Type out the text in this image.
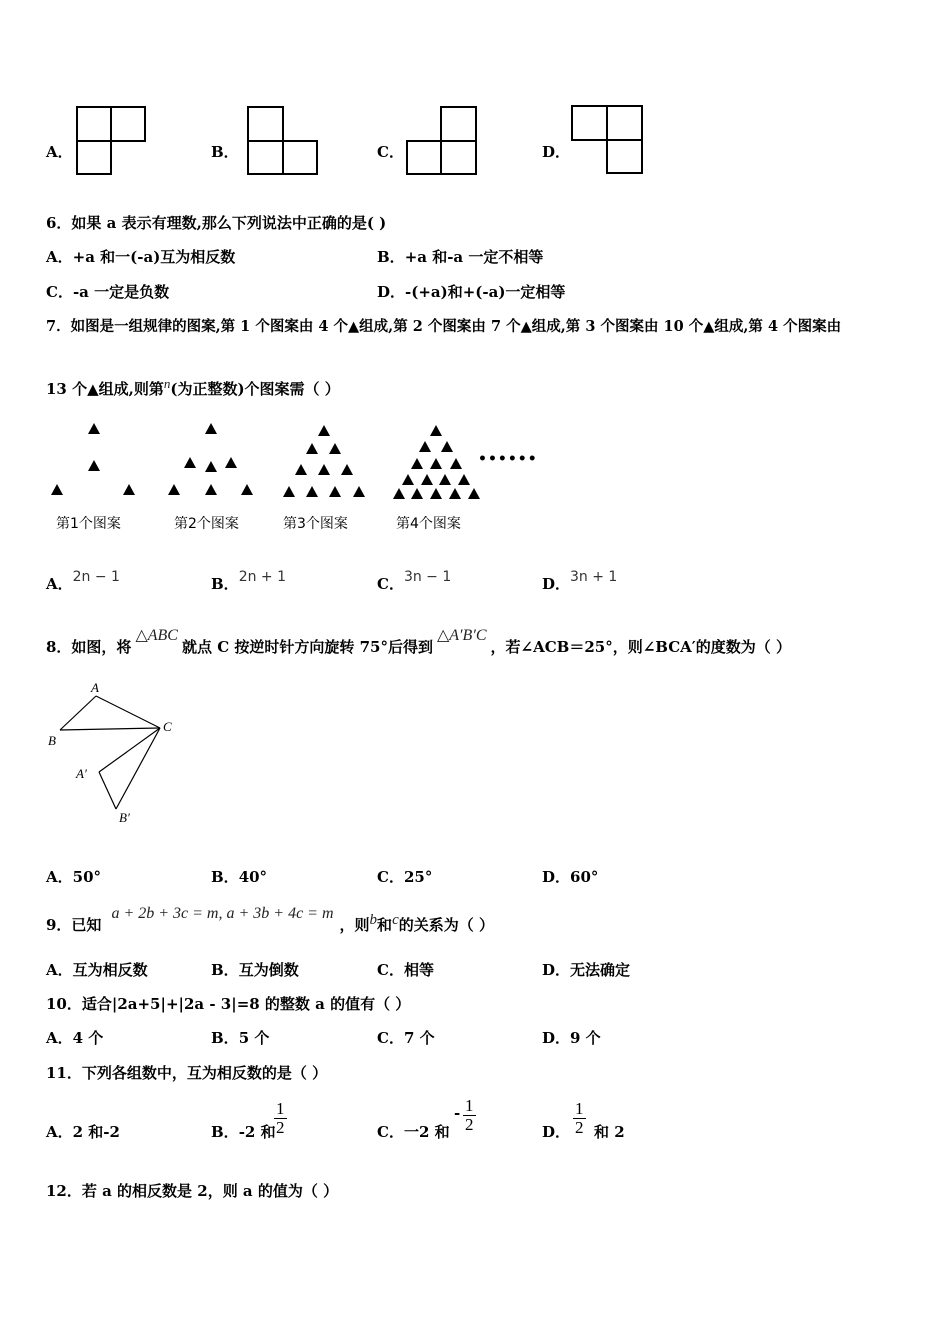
A．	B．	C．	D．
6．如果 a 表示有理数,那么下列说法中正确的是( )
A．+a 和一(-a)互为相反数	B．+a 和-a 一定不相等
C．-a 一定是负数	D．-(+a)和+(-a)一定相等
7．如图是一组规律的图案,第 1 个图案由 4 个▲组成,第 2 个图案由 7 个▲组成,第 3 个图案由 10 个▲组成,第 4 个图案由
13 个▲组成,则第$^n$(为正整数)个图案需（ ）
••••••
第1个图案	第2个图案	第3个图案	第4个图案
A．2n − 1	B．2n + 1	C．3n − 1	D．3n + 1
8．如图，将△ABC就点 C 按逆时针方向旋转 75°后得到△A′B′C，若∠ACB＝25°，则∠BCA′的度数为（ ）
A
B
C
A′
B′
A．50°	B．40°	C．25°	D．60°
9．已知a + 2b + 3c = m, a + 3b + 4c = m，则$^b$和$^c$的关系为（ ）
A．互为相反数	B．互为倒数	C．相等	D．无法确定
10．适合|2a+5|+|2a - 3|=8 的整数 a 的值有（ ）
A．4 个	B．5 个	C．7 个	D．9 个
11．下列各组数中，互为相反数的是（ ）
A．2 和-2	B．-2 和
$\frac{1}{2}$	C．一2 和
- $\frac{1}{2}$	D． $\frac{1}{2}$ 和 2
12．若 a 的相反数是 2，则 a 的值为（ ）
